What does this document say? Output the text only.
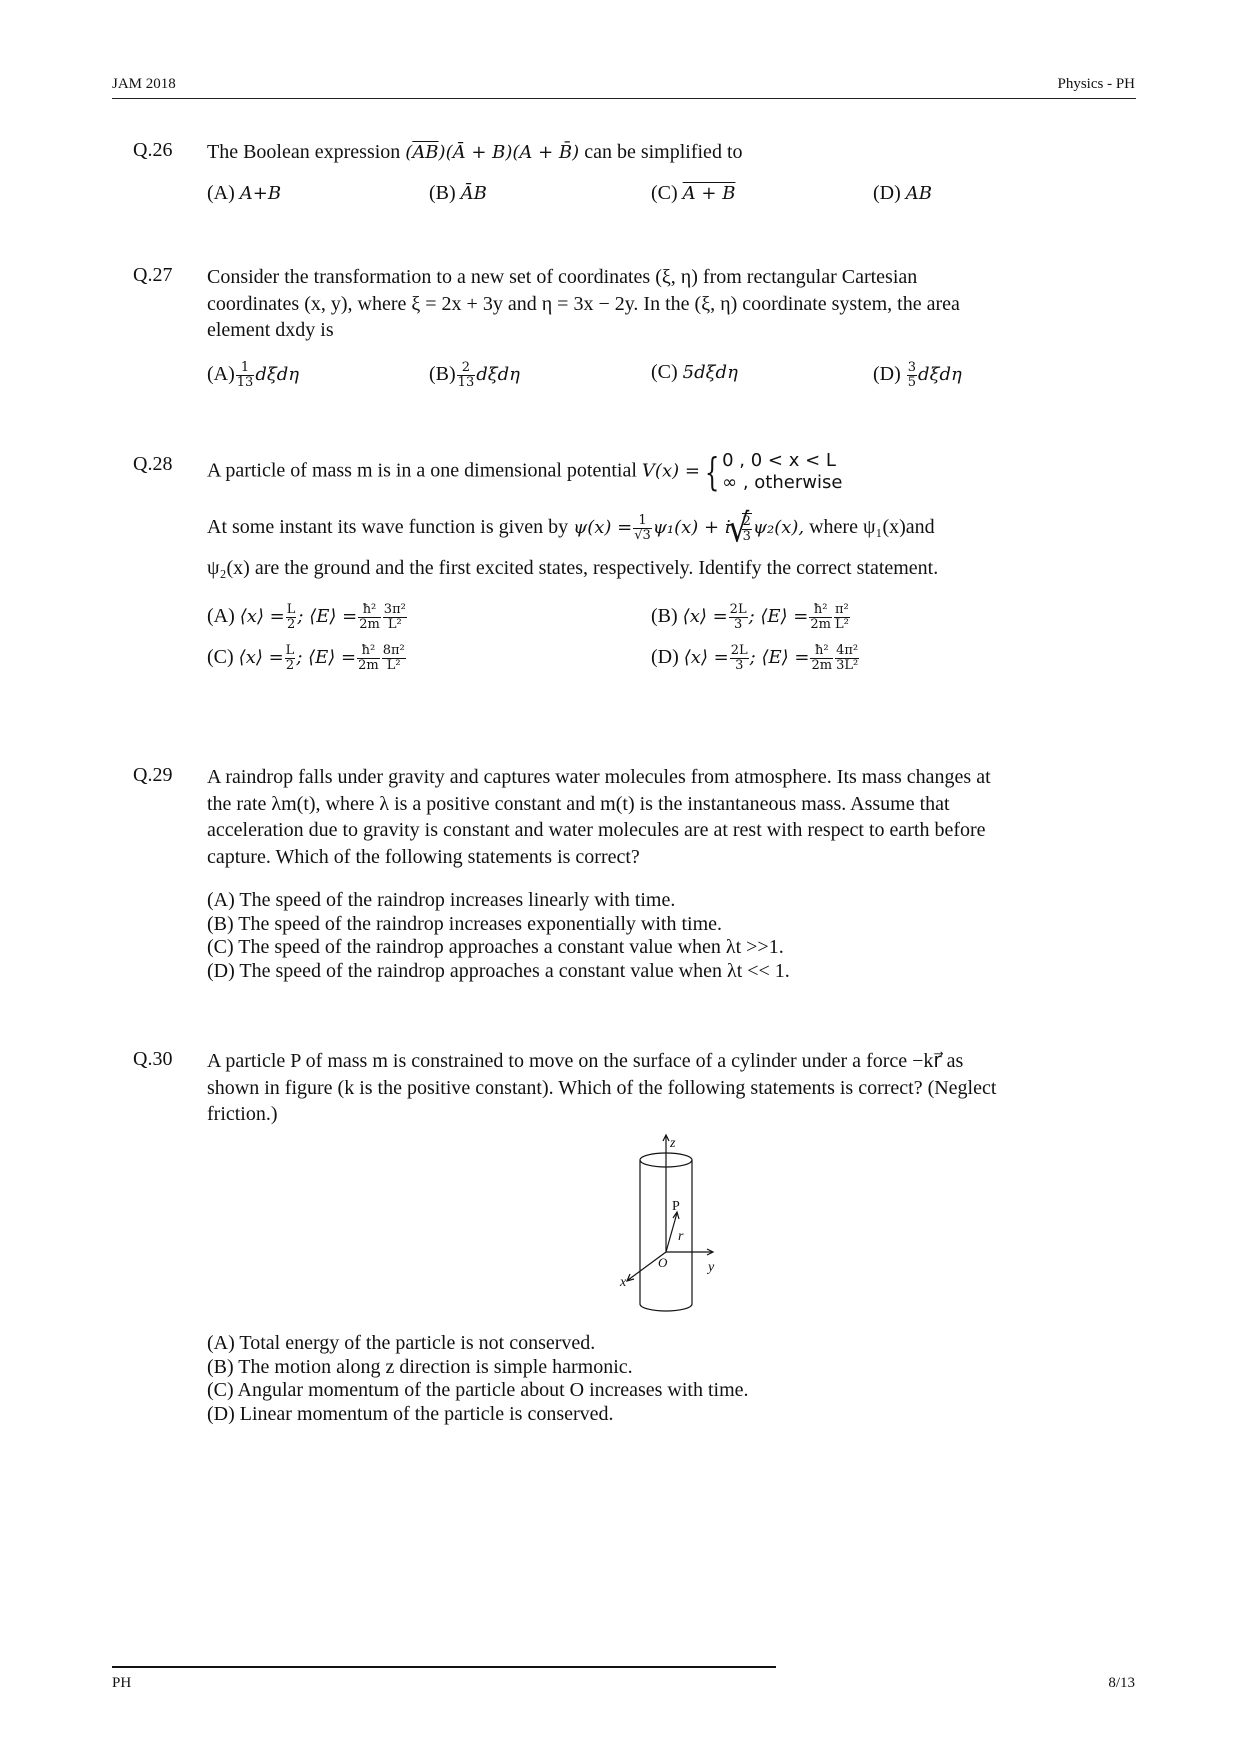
JAM 2018	Physics - PH
Q.26 The Boolean expression $(\overline{AB})(Ā + B)(A$ + B̄) can be simplified to
(A) A+B	(B) ĀB	(C) A + B	(D) AB
Q.27 Consider the transformation to a new set of coordinates (ξ, η) from rectangular Cartesian
coordinates (x, y), where ξ = 2x + 3y and η = 3x − 2y. In the (ξ, η) coordinate system, the area
element dxdy is
$(A) \frac{1}{13}$ dξdη	$(B) \frac{2}{13}$ dξdη	(C) 5dξdη	$(D) \frac{3}{5}$ dξdη
Q.28 A particle of mass m is in a one dimensional potential V(x) = { 0 , 0 < x < L
∞ , otherwise
At some instant its wave function is given by $\psi(x) = \frac{1}{√3} \psi_1(x) + i$ √ $\frac{2}{3} \psi_2(x)$, where ψ₁(x)and
ψ₂(x) are the ground and the first excited states, respectively. Identify the correct statement.
(A) ⟨x⟩ = $\frac{L}{2}$ ; ⟨E⟩ = $\frac{\text{ħ²}}{2m} \frac{\text{3π²}}{\text{L²}}$	(B) ⟨x⟩ = $\frac{2L}{3}$ ; ⟨E⟩ = $\frac{\text{ħ²}}{2m} \frac{\text{π²}}{\text{L²}}$
(C) ⟨x⟩ = $\frac{L}{2}$ ; ⟨E⟩ = $\frac{\text{ħ²}}{2m} \frac{\text{8π²}}{\text{L²}}$	(D) ⟨x⟩ = $\frac{2L}{3}$ ; ⟨E⟩ = $\frac{\text{ħ²}}{2m} \frac{\text{4π²}}{\text{3L²}}$
Q.29 A raindrop falls under gravity and captures water molecules from atmosphere. Its mass changes at
the rate λm(t), where λ is a positive constant and m(t) is the instantaneous mass. Assume that
acceleration due to gravity is constant and water molecules are at rest with respect to earth before
capture. Which of the following statements is correct?
(A) The speed of the raindrop increases linearly with time.
(B) The speed of the raindrop increases exponentially with time.
(C) The speed of the raindrop approaches a constant value when λt >>1.
(D) The speed of the raindrop approaches a constant value when λt << 1.
Q.30 A particle P of mass m is constrained to move on the surface of a cylinder under a force −kr⃗ as
shown in figure (k is the positive constant). Which of the following statements is correct? (Neglect
friction.)
z
P
r
O	y
x
(A) Total energy of the particle is not conserved.
(B) The motion along z direction is simple harmonic.
(C) Angular momentum of the particle about O increases with time.
(D) Linear momentum of the particle is conserved.
PH	8/13
